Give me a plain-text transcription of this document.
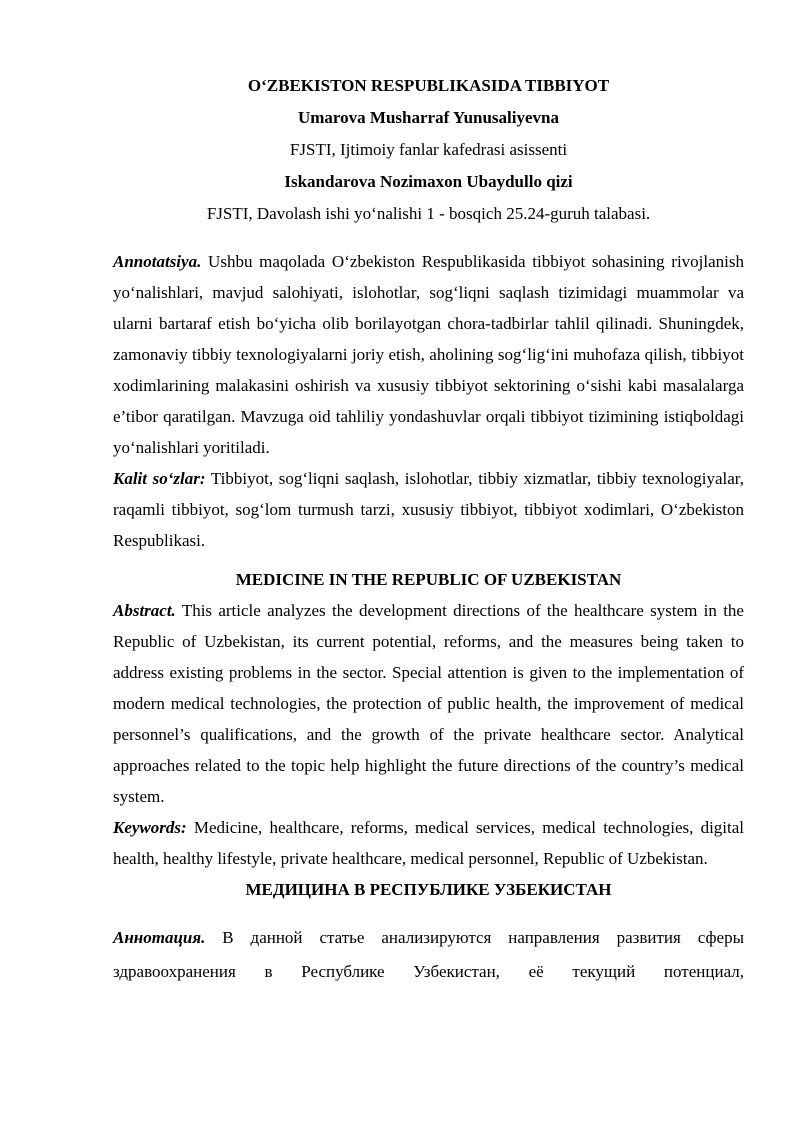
O‘ZBEKISTON RESPUBLIKASIDA TIBBIYOT

Umarova Musharraf Yunusaliyevna

FJSTI, Ijtimoiy fanlar kafedrasi asissenti

Iskandarova Nozimaxon Ubaydullo qizi

FJSTI, Davolash ishi yo‘nalishi 1 - bosqich 25.24-guruh talabasi.

Annotatsiya. Ushbu maqolada O‘zbekiston Respublikasida tibbiyot sohasining rivojlanish yo‘nalishlari, mavjud salohiyati, islohotlar, sog‘liqni saqlash tizimidagi muammolar va ularni bartaraf etish bo‘yicha olib borilayotgan chora-tadbirlar tahlil qilinadi. Shuningdek, zamonaviy tibbiy texnologiyalarni joriy etish, aholining sog‘lig‘ini muhofaza qilish, tibbiyot xodimlarining malakasini oshirish va xususiy tibbiyot sektorining o‘sishi kabi masalalarga e’tibor qaratilgan. Mavzuga oid tahliliy yondashuvlar orqali tibbiyot tizimining istiqboldagi yo‘nalishlari yoritiladi.

Kalit so‘zlar: Tibbiyot, sog‘liqni saqlash, islohotlar, tibbiy xizmatlar, tibbiy texnologiyalar, raqamli tibbiyot, sog‘lom turmush tarzi, xususiy tibbiyot, tibbiyot xodimlari, O‘zbekiston Respublikasi.

MEDICINE IN THE REPUBLIC OF UZBEKISTAN

Abstract. This article analyzes the development directions of the healthcare system in the Republic of Uzbekistan, its current potential, reforms, and the measures being taken to address existing problems in the sector. Special attention is given to the implementation of modern medical technologies, the protection of public health, the improvement of medical personnel’s qualifications, and the growth of the private healthcare sector. Analytical approaches related to the topic help highlight the future directions of the country’s medical system.

Keywords: Medicine, healthcare, reforms, medical services, medical technologies, digital health, healthy lifestyle, private healthcare, medical personnel, Republic of Uzbekistan.

МЕДИЦИНА В РЕСПУБЛИКЕ УЗБЕКИСТАН

Аннотация. В данной статье анализируются направления развития сферы здравоохранения в Республике Узбекистан, её текущий потенциал,
